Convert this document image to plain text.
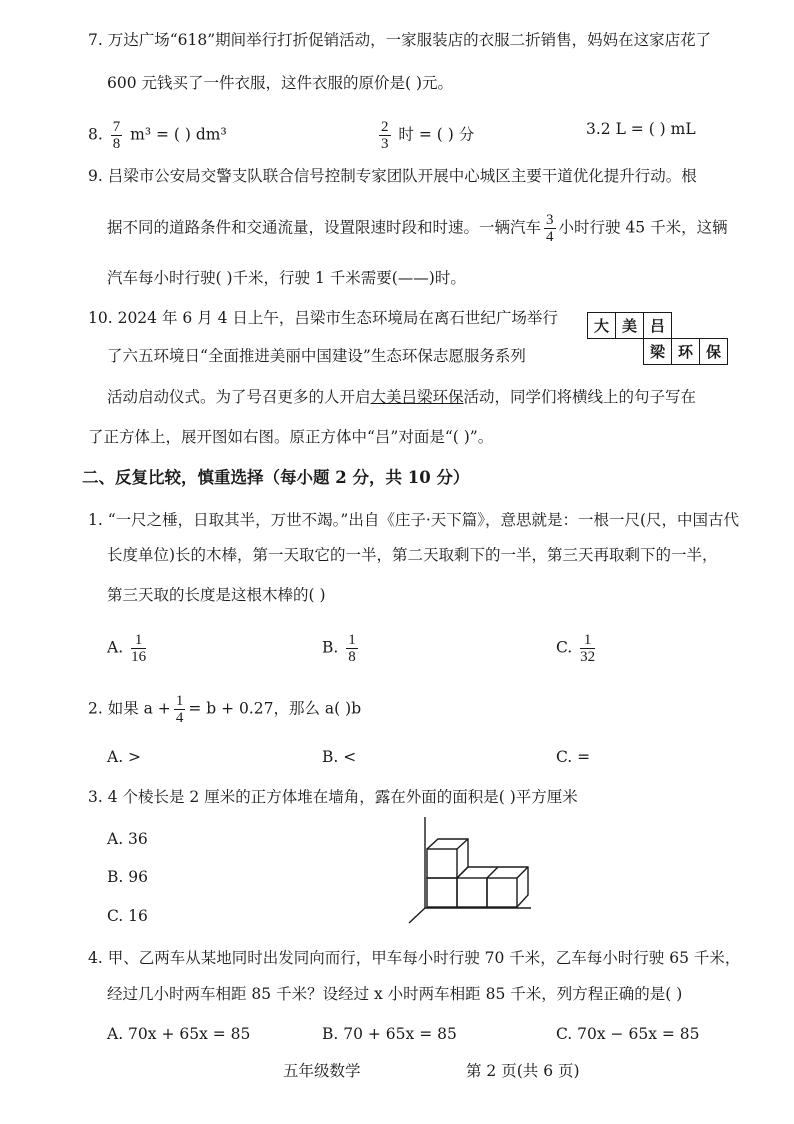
7. 万达广场“618”期间举行打折促销活动，一家服装店的衣服二折销售，妈妈在这家店花了
600 元钱买了一件衣服，这件衣服的原价是( )元。
8. $\frac{7}{8} m^3$ = ( ) dm³	$\frac{2}{3}$ 时 = ( ) 分	3.2 L = ( ) mL
9. 吕梁市公安局交警支队联合信号控制专家团队开展中心城区主要干道优化提升行动。根
据不同的道路条件和交通流量，设置限速时段和时速。一辆汽车 $\frac{3}{4}$ 小时行驶 45 千米，这辆
汽车每小时行驶( )千米，行驶 1 千米需要(——)时。
10. 2024 年 6 月 4 日上午，吕梁市生态环境局在离石世纪广场举行
了六五环境日“全面推进美丽中国建设”生态环保志愿服务系列
活动启动仪式。为了号召更多的人开启大美吕梁环保活动，同学们将横线上的句子写在
了正方体上，展开图如右图。原正方体中“吕”对面是“( )”。
大 美 吕
梁 环 保
二、反复比较，慎重选择（每小题 2 分，共 10 分）
1. “一尺之棰，日取其半，万世不竭。”出自《庄子·天下篇》，意思就是：一根一尺(尺，中国古代
长度单位)长的木棒，第一天取它的一半，第二天取剩下的一半，第三天再取剩下的一半，
第三天取的长度是这根木棒的( )
A. $\frac{1}{16}$	B. $\frac{1}{8}$	C. $\frac{1}{32}$
2. 如果 $a + \frac{1}{4} = b + 0.27$，那么 a( )b
A. >	B. <	C. =
3. 4 个棱长是 2 厘米的正方体堆在墙角，露在外面的面积是( )平方厘米
A. 36
B. 96
C. 16
4. 甲、乙两车从某地同时出发同向而行，甲车每小时行驶 70 千米，乙车每小时行驶 65 千米，
经过几小时两车相距 85 千米？设经过 x 小时两车相距 85 千米，列方程正确的是( )
A. 70x + 65x = 85	B. 70 + 65x = 85	C. 70x − 65x = 85
五年级数学	第 2 页(共 6 页)
